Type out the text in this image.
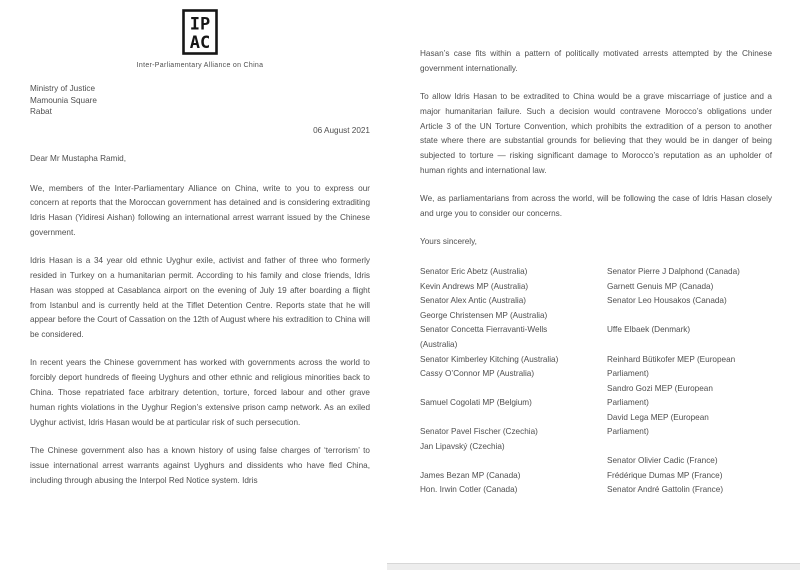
IP
AC
Inter-Parliamentary Alliance on China
Ministry of Justice
Mamounia Square
Rabat
06 August 2021
Dear Mr Mustapha Ramid,
We, members of the Inter-Parliamentary Alliance on China, write to you to express our concern at reports that the Moroccan government has detained and is considering extraditing Idris Hasan (Yidiresi Aishan) following an international arrest warrant issued by the Chinese government.
Idris Hasan is a 34 year old ethnic Uyghur exile, activist and father of three who formerly resided in Turkey on a humanitarian permit. According to his family and close friends, Idris Hasan was stopped at Casablanca airport on the evening of July 19 after boarding a flight from Istanbul and is currently held at the Tiflet Detention Centre. Reports state that he will appear before the Court of Cassation on the 12th of August where his extradition to China will be considered.
In recent years the Chinese government has worked with governments across the world to forcibly deport hundreds of fleeing Uyghurs and other ethnic and religious minorities back to China. Those repatriated face arbitrary detention, torture, forced labour and other grave human rights violations in the Uyghur Region’s extensive prison camp network. As an exiled Uyghur activist, Idris Hasan would be at particular risk of such persecution.
The Chinese government also has a known history of using false charges of ‘terrorism’ to issue international arrest warrants against Uyghurs and dissidents who have fled China, including through abusing the Interpol Red Notice system. Idris
Hasan’s case fits within a pattern of politically motivated arrests attempted by the Chinese government internationally.
To allow Idris Hasan to be extradited to China would be a grave miscarriage of justice and a major humanitarian failure. Such a decision would contravene Morocco’s obligations under Article 3 of the UN Torture Convention, which prohibits the extradition of a person to another state where there are substantial grounds for believing that they would be in danger of being subjected to torture — risking significant damage to Morocco’s reputation as an upholder of human rights and international law.
We, as parliamentarians from across the world, will be following the case of Idris Hasan closely and urge you to consider our concerns.
Yours sincerely,
Senator Eric Abetz (Australia)
Kevin Andrews MP (Australia)
Senator Alex Antic (Australia)
George Christensen MP (Australia)
Senator Concetta Fierravanti-Wells
(Australia)
Senator Kimberley Kitching (Australia)
Cassy O’Connor MP (Australia)

Samuel Cogolati MP (Belgium)

Senator Pavel Fischer (Czechia)
Jan Lipavský (Czechia)

James Bezan MP (Canada)
Hon. Irwin Cotler (Canada)
Senator Pierre J Dalphond (Canada)
Garnett Genuis MP (Canada)
Senator Leo Housakos (Canada)

Uffe Elbaek (Denmark)

Reinhard Bütikofer MEP (European
Parliament)
Sandro Gozi MEP (European
Parliament)
David Lega MEP (European
Parliament)

Senator Olivier Cadic (France)
Frédérique Dumas MP (France)
Senator André Gattolin (France)
